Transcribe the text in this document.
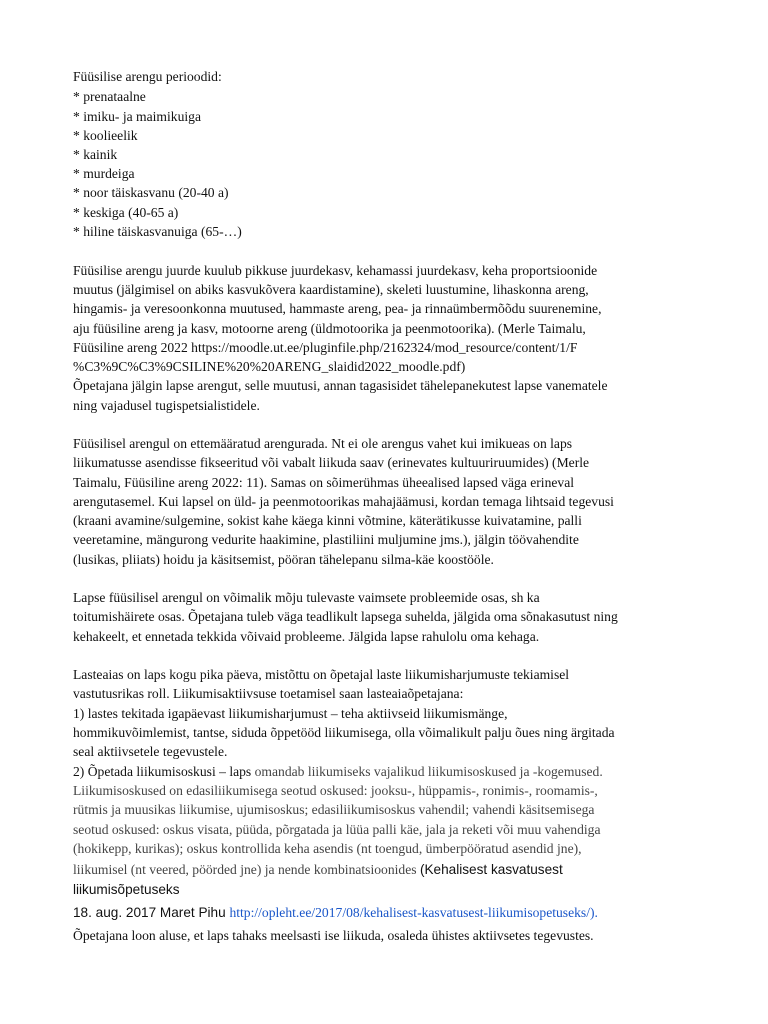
Füüsilise arengu perioodid:
* prenataalne
* imiku- ja maimikuiga
* koolieelik
* kainik
* murdeiga
* noor täiskasvanu (20-40 a)
* keskiga (40-65 a)
* hiline täiskasvanuiga (65-…)
Füüsilise arengu juurde kuulub pikkuse juurdekasv, kehamassi juurdekasv, keha proportsioonide
muutus (jälgimisel on abiks kasvukõvera kaardistamine), skeleti luustumine, lihaskonna areng,
hingamis- ja veresoonkonna muutused, hammaste areng, pea- ja rinnaümbermõõdu suurenemine,
aju füüsiline areng ja kasv, motoorne areng (üldmotoorika ja peenmotoorika). (Merle Taimalu,
Füüsiline areng 2022 https://moodle.ut.ee/pluginfile.php/2162324/mod_resource/content/1/F
%C3%9C%C3%9CSILINE%20%20ARENG_slaidid2022_moodle.pdf)
Õpetajana jälgin lapse arengut, selle muutusi, annan tagasisidet tähelepanekutest lapse vanematele
ning vajadusel tugispetsialistidele.
Füüsilisel arengul on ettemääratud arengurada. Nt ei ole arengus vahet kui imikueas on laps
liikumatusse asendisse fikseeritud või vabalt liikuda saav (erinevates kultuuriruumides) (Merle
Taimalu, Füüsiline areng 2022: 11). Samas on sõimerühmas üheealised lapsed väga erineval
arengutasemel. Kui lapsel on üld- ja peenmotoorikas mahajäämusi, kordan temaga lihtsaid tegevusi
(kraani avamine/sulgemine, sokist kahe käega kinni võtmine, käterätikusse kuivatamine, palli
veeretamine, mängurong vedurite haakimine, plastiliini muljumine jms.), jälgin töövahendite
(lusikas, pliiats) hoidu ja käsitsemist, pööran tähelepanu silma-käe koostööle.
Lapse füüsilisel arengul on võimalik mõju tulevaste vaimsete probleemide osas, sh ka
toitumishäirete osas. Õpetajana tuleb väga teadlikult lapsega suhelda, jälgida oma sõnakasutust ning
kehakeelt, et ennetada tekkida võivaid probleeme. Jälgida lapse rahulolu oma kehaga.
Lasteaias on laps kogu pika päeva, mistõttu on õpetajal laste liikumisharjumuste tekiamisel
vastutusrikas roll. Liikumisaktiivsuse toetamisel saan lasteaiaõpetajana:
1) lastes tekitada igapäevast liikumisharjumust – teha aktiivseid liikumismänge,
hommikuvõimlemist, tantse, siduda õppetööd liikumisega, olla võimalikult palju õues ning ärgitada
seal aktiivsetele tegevustele.
2) Õpetada liikumisoskusi – laps omandab liikumiseks vajalikud liikumisoskused ja -kogemused.
Liikumisoskused on edasiliikumisega seotud oskused: jooksu-, hüppamis-, ronimis-, roomamis-,
rütmis ja muusikas liikumise, ujumisoskus; edasiliikumisoskus vahendil; vahendi käsitsemisega
seotud oskused: oskus visata, püüda, põrgatada ja lüüa palli käe, jala ja reketi või muu vahendiga
(hokikepp, kurikas); oskus kontrollida keha asendis (nt toengud, ümberpööratud asendid jne),
liikumisel (nt veered, pöörded jne) ja nende kombinatsioonides (Kehalisest kasvatusest
liikumisõpetuseks
18. aug. 2017 Maret Pihu http://opleht.ee/2017/08/kehalisest-kasvatusest-liikumisopetuseks/).
Õpetajana loon aluse, et laps tahaks meelsasti ise liikuda, osaleda ühistes aktiivsetes tegevustes.
